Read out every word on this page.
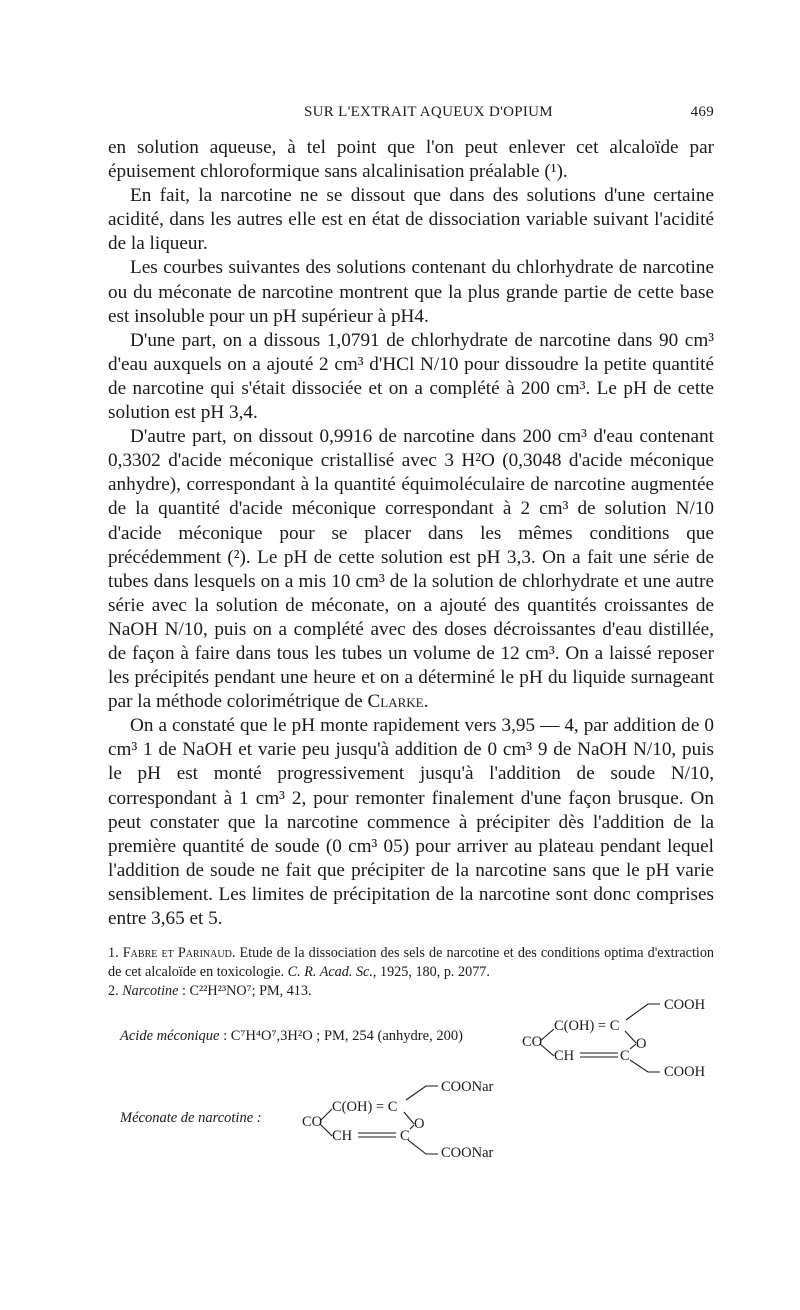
SUR L'EXTRAIT AQUEUX D'OPIUM	469

en solution aqueuse, à tel point que l'on peut enlever cet alcaloïde par épuisement chloroformique sans alcalinisation préalable (¹).

En fait, la narcotine ne se dissout que dans des solutions d'une certaine acidité, dans les autres elle est en état de dissociation variable suivant l'acidité de la liqueur.

Les courbes suivantes des solutions contenant du chlorhydrate de narcotine ou du méconate de narcotine montrent que la plus grande partie de cette base est insoluble pour un pH supérieur à pH4.

D'une part, on a dissous 1,0791 de chlorhydrate de narcotine dans 90 cm³ d'eau auxquels on a ajouté 2 cm³ d'HCl N/10 pour dissoudre la petite quantité de narcotine qui s'était dissociée et on a complété à 200 cm³. Le pH de cette solution est pH 3,4.

D'autre part, on dissout 0,9916 de narcotine dans 200 cm³ d'eau contenant 0,3302 d'acide méconique cristallisé avec 3 H²O (0,3048 d'acide méconique anhydre), correspondant à la quantité équimoléculaire de narcotine augmentée de la quantité d'acide méconique correspondant à 2 cm³ de solution N/10 d'acide méconique pour se placer dans les mêmes conditions que précédemment (²). Le pH de cette solution est pH 3,3. On a fait une série de tubes dans lesquels on a mis 10 cm³ de la solution de chlorhydrate et une autre série avec la solution de méconate, on a ajouté des quantités croissantes de NaOH N/10, puis on a complété avec des doses décroissantes d'eau distillée, de façon à faire dans tous les tubes un volume de 12 cm³. On a laissé reposer les précipités pendant une heure et on a déterminé le pH du liquide surnageant par la méthode colorimétrique de Clarke.

On a constaté que le pH monte rapidement vers 3,95 — 4, par addition de 0 cm³ 1 de NaOH et varie peu jusqu'à addition de 0 cm³ 9 de NaOH N/10, puis le pH est monté progressivement jusqu'à l'addition de soude N/10, correspondant à 1 cm³ 2, pour remonter finalement d'une façon brusque. On peut constater que la narcotine commence à précipiter dès l'addition de la première quantité de soude (0 cm³ 05) pour arriver au plateau pendant lequel l'addition de soude ne fait que précipiter de la narcotine sans que le pH varie sensiblement. Les limites de précipitation de la narcotine sont donc comprises entre 3,65 et 5.

1. Fabre et Parinaud. Etude de la dissociation des sels de narcotine et des conditions optima d'extraction de cet alcaloïde en toxicologie. C. R. Acad. Sc., 1925, 180, p. 2077.

2. Narcotine : C²²H²³NO⁷; PM, 413.

Acide méconique : C⁷H⁴O⁷,3H²O ; PM, 254 (anhydre, 200)	CO
C(OH) = C
CH	C
O
COOH
COOH
Méconate de narcotine :	CO
C(OH) = C
CH	C
O
COONar
COONar
